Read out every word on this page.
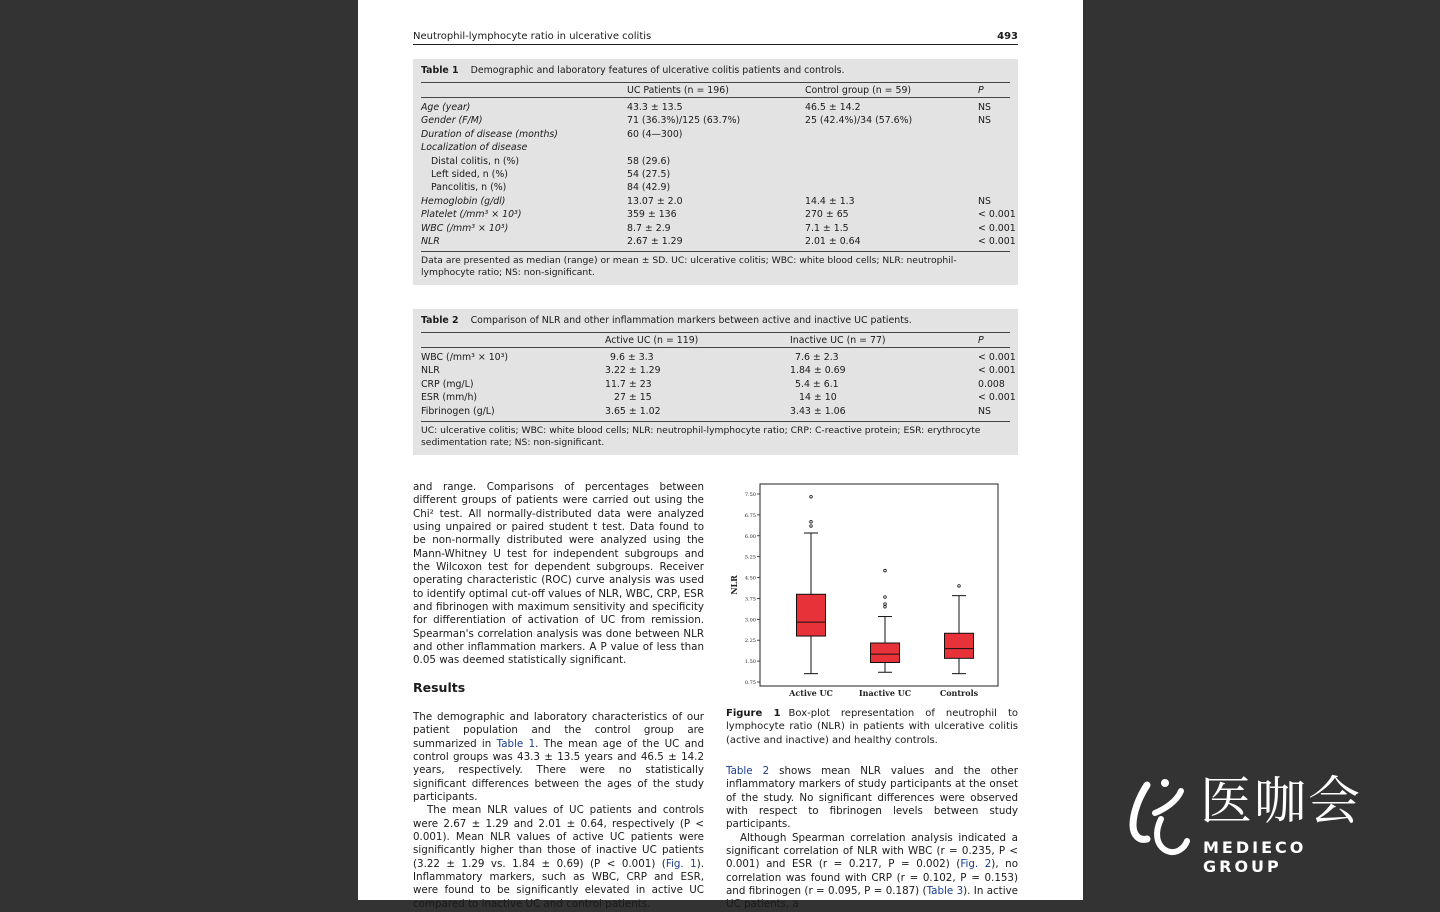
Neutrophil-lymphocyte ratio in ulcerative colitis	493
Table 1 Demographic and laboratory features of ulcerative colitis patients and controls.
UC Patients (n = 196)	Control group (n = 59)	P
Age (year)	43.3 ± 13.5	46.5 ± 14.2	NS
Gender (F/M)	71 (36.3%)/125 (63.7%)	25 (42.4%)/34 (57.6%)	NS
Duration of disease (months)	60 (4—300)
Localization of disease
Distal colitis, n (%)	58 (29.6)
Left sided, n (%)	54 (27.5)
Pancolitis, n (%)	84 (42.9)
Hemoglobin (g/dl)	13.07 ± 2.0	14.4 ± 1.3	NS
Platelet (/mm³ × 10³)	359 ± 136	270 ± 65	< 0.001
WBC (/mm³ × 10³)	8.7 ± 2.9	7.1 ± 1.5	< 0.001
NLR	2.67 ± 1.29	2.01 ± 0.64	< 0.001
Data are presented as median (range) or mean ± SD. UC: ulcerative colitis; WBC: white blood cells; NLR: neutrophil-lymphocyte ratio; NS: non-significant.
Table 2 Comparison of NLR and other inflammation markers between active and inactive UC patients.
Active UC (n = 119)	Inactive UC (n = 77)	P
WBC (/mm³ × 10³)	9.6 ± 3.3	7.6 ± 2.3	< 0.001
NLR	3.22 ± 1.29	1.84 ± 0.69	< 0.001
CRP (mg/L)	11.7 ± 23	5.4 ± 6.1	0.008
ESR (mm/h)	27 ± 15	14 ± 10	< 0.001
Fibrinogen (g/L)	3.65 ± 1.02	3.43 ± 1.06	NS
UC: ulcerative colitis; WBC: white blood cells; NLR: neutrophil-lymphocyte ratio; CRP: C-reactive protein; ESR: erythrocyte sedimentation rate; NS: non-significant.

and range. Comparisons of percentages between different groups of patients were carried out using the Chi² test. All normally-distributed data were analyzed using unpaired or paired student t test. Data found to be non-normally distributed were analyzed using the Mann-Whitney U test for independent subgroups and the Wilcoxon test for dependent subgroups. Receiver operating characteristic (ROC) curve analysis was used to identify optimal cut-off values of NLR, WBC, CRP, ESR and fibrinogen with maximum sensitivity and specificity for differentiation of activation of UC from remission. Spearman's correlation analysis was done between NLR and other inflammation markers. A P value of less than 0.05 was deemed statistically significant.

Results

The demographic and laboratory characteristics of our patient population and the control group are summarized in Table 1. The mean age of the UC and control groups was 43.3 ± 13.5 years and 46.5 ± 14.2 years, respectively. There were no statistically significant differences between the ages of the study participants.

The mean NLR values of UC patients and controls were 2.67 ± 1.29 and 2.01 ± 0.64, respectively (P < 0.001). Mean NLR values of active UC patients were significantly higher than those of inactive UC patients (3.22 ± 1.29 vs. 1.84 ± 0.69) (P < 0.001) (Fig. 1). Inflammatory markers, such as WBC, CRP and ESR, were found to be significantly elevated in active UC compared to inactive UC and control patients.

0.75
1.50
2.25
3.00
3.75
4.50
5.25
6.00
6.75
7.50
NLR
Active UC	Inactive UC	Controls
Figure 1 Box-plot representation of neutrophil to lymphocyte ratio (NLR) in patients with ulcerative colitis (active and inactive) and healthy controls.

Table 2 shows mean NLR values and the other inflammatory markers of study participants at the onset of the study. No significant differences were observed with respect to fibrinogen levels between study participants.

Although Spearman correlation analysis indicated a significant correlation of NLR with WBC (r = 0.235, P < 0.001) and ESR (r = 0.217, P = 0.002) (Fig. 2), no correlation was found with CRP (r = 0.102, P = 0.153) and fibrinogen (r = 0.095, P = 0.187) (Table 3). In active UC patients, a

医咖会
MEDIECO GROUP
